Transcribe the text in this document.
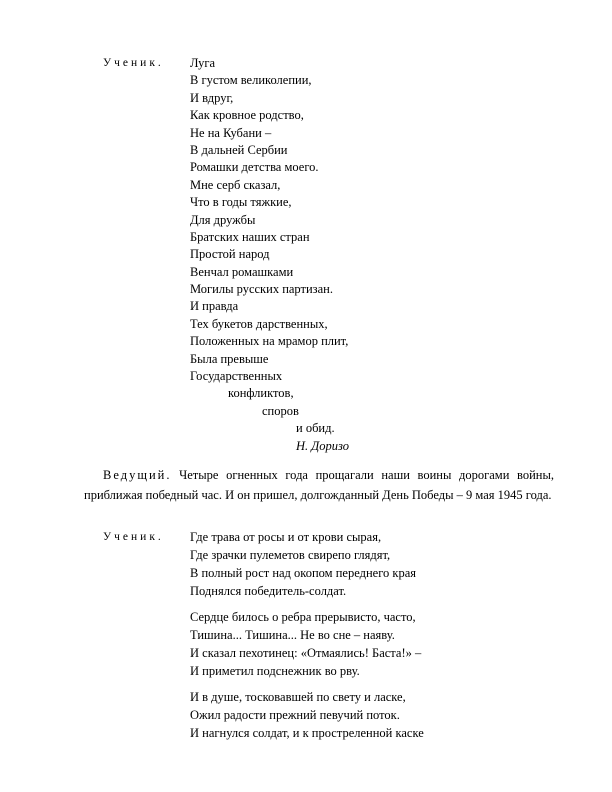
Ученик. Луга
В густом великолепии,
И вдруг,
Как кровное родство,
Не на Кубани –
В дальней Сербии
Ромашки детства моего.
Мне серб сказал,
Что в годы тяжкие,
Для дружбы
Братских наших стран
Простой народ
Венчал ромашками
Могилы русских партизан.
И правда
Тех букетов дарственных,
Положенных на мрамор плит,
Была превыше
Государственных
конфликтов,
споров
и обид.
Н. Доризо
Ведущий. Четыре огненных года прощагали наши воины дорогами войны, приближая победный час. И он пришел, долгожданный День Победы – 9 мая 1945 года.
Ученик. Где трава от росы и от крови сырая,
Где зрачки пулеметов свирепо глядят,
В полный рост над окопом переднего края
Поднялся победитель-солдат.
Сердце билось о ребра прерывисто, часто,
Тишина... Тишина... Не во сне – наяву.
И сказал пехотинец: «Отмаялись! Баста!» –
И приметил подснежник во рву.
И в душе, тосковавшей по свету и ласке,
Ожил радости прежний певучий поток.
И нагнулся солдат, и к простреленной каске
